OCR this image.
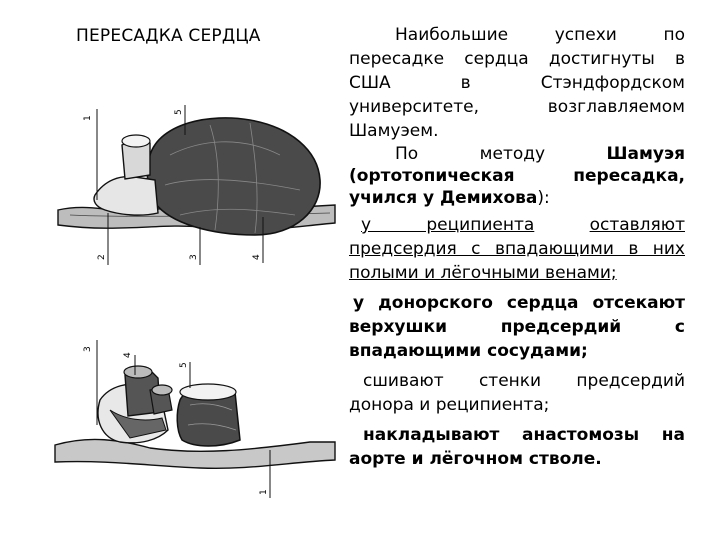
ПЕРЕСАДКА СЕРДЦА
1
2	3	4
5
3
4
5
1

Наибольшие успехи по пересадке сердца достигнуты в США в Стэндфордском университете, возглавляемом Шамуэем.

По методу Шамуэя (ортотопическая пересадка, учился у Демихова):

у реципиента	оставляют предсердия с впадающими в них полыми и лёгочными венами;

у донорского сердца отсекают верхушки предсердий с впадающими сосудами;

сшивают стенки предсердий донора и реципиента;

накладывают анастомозы на аорте и лёгочном стволе.
